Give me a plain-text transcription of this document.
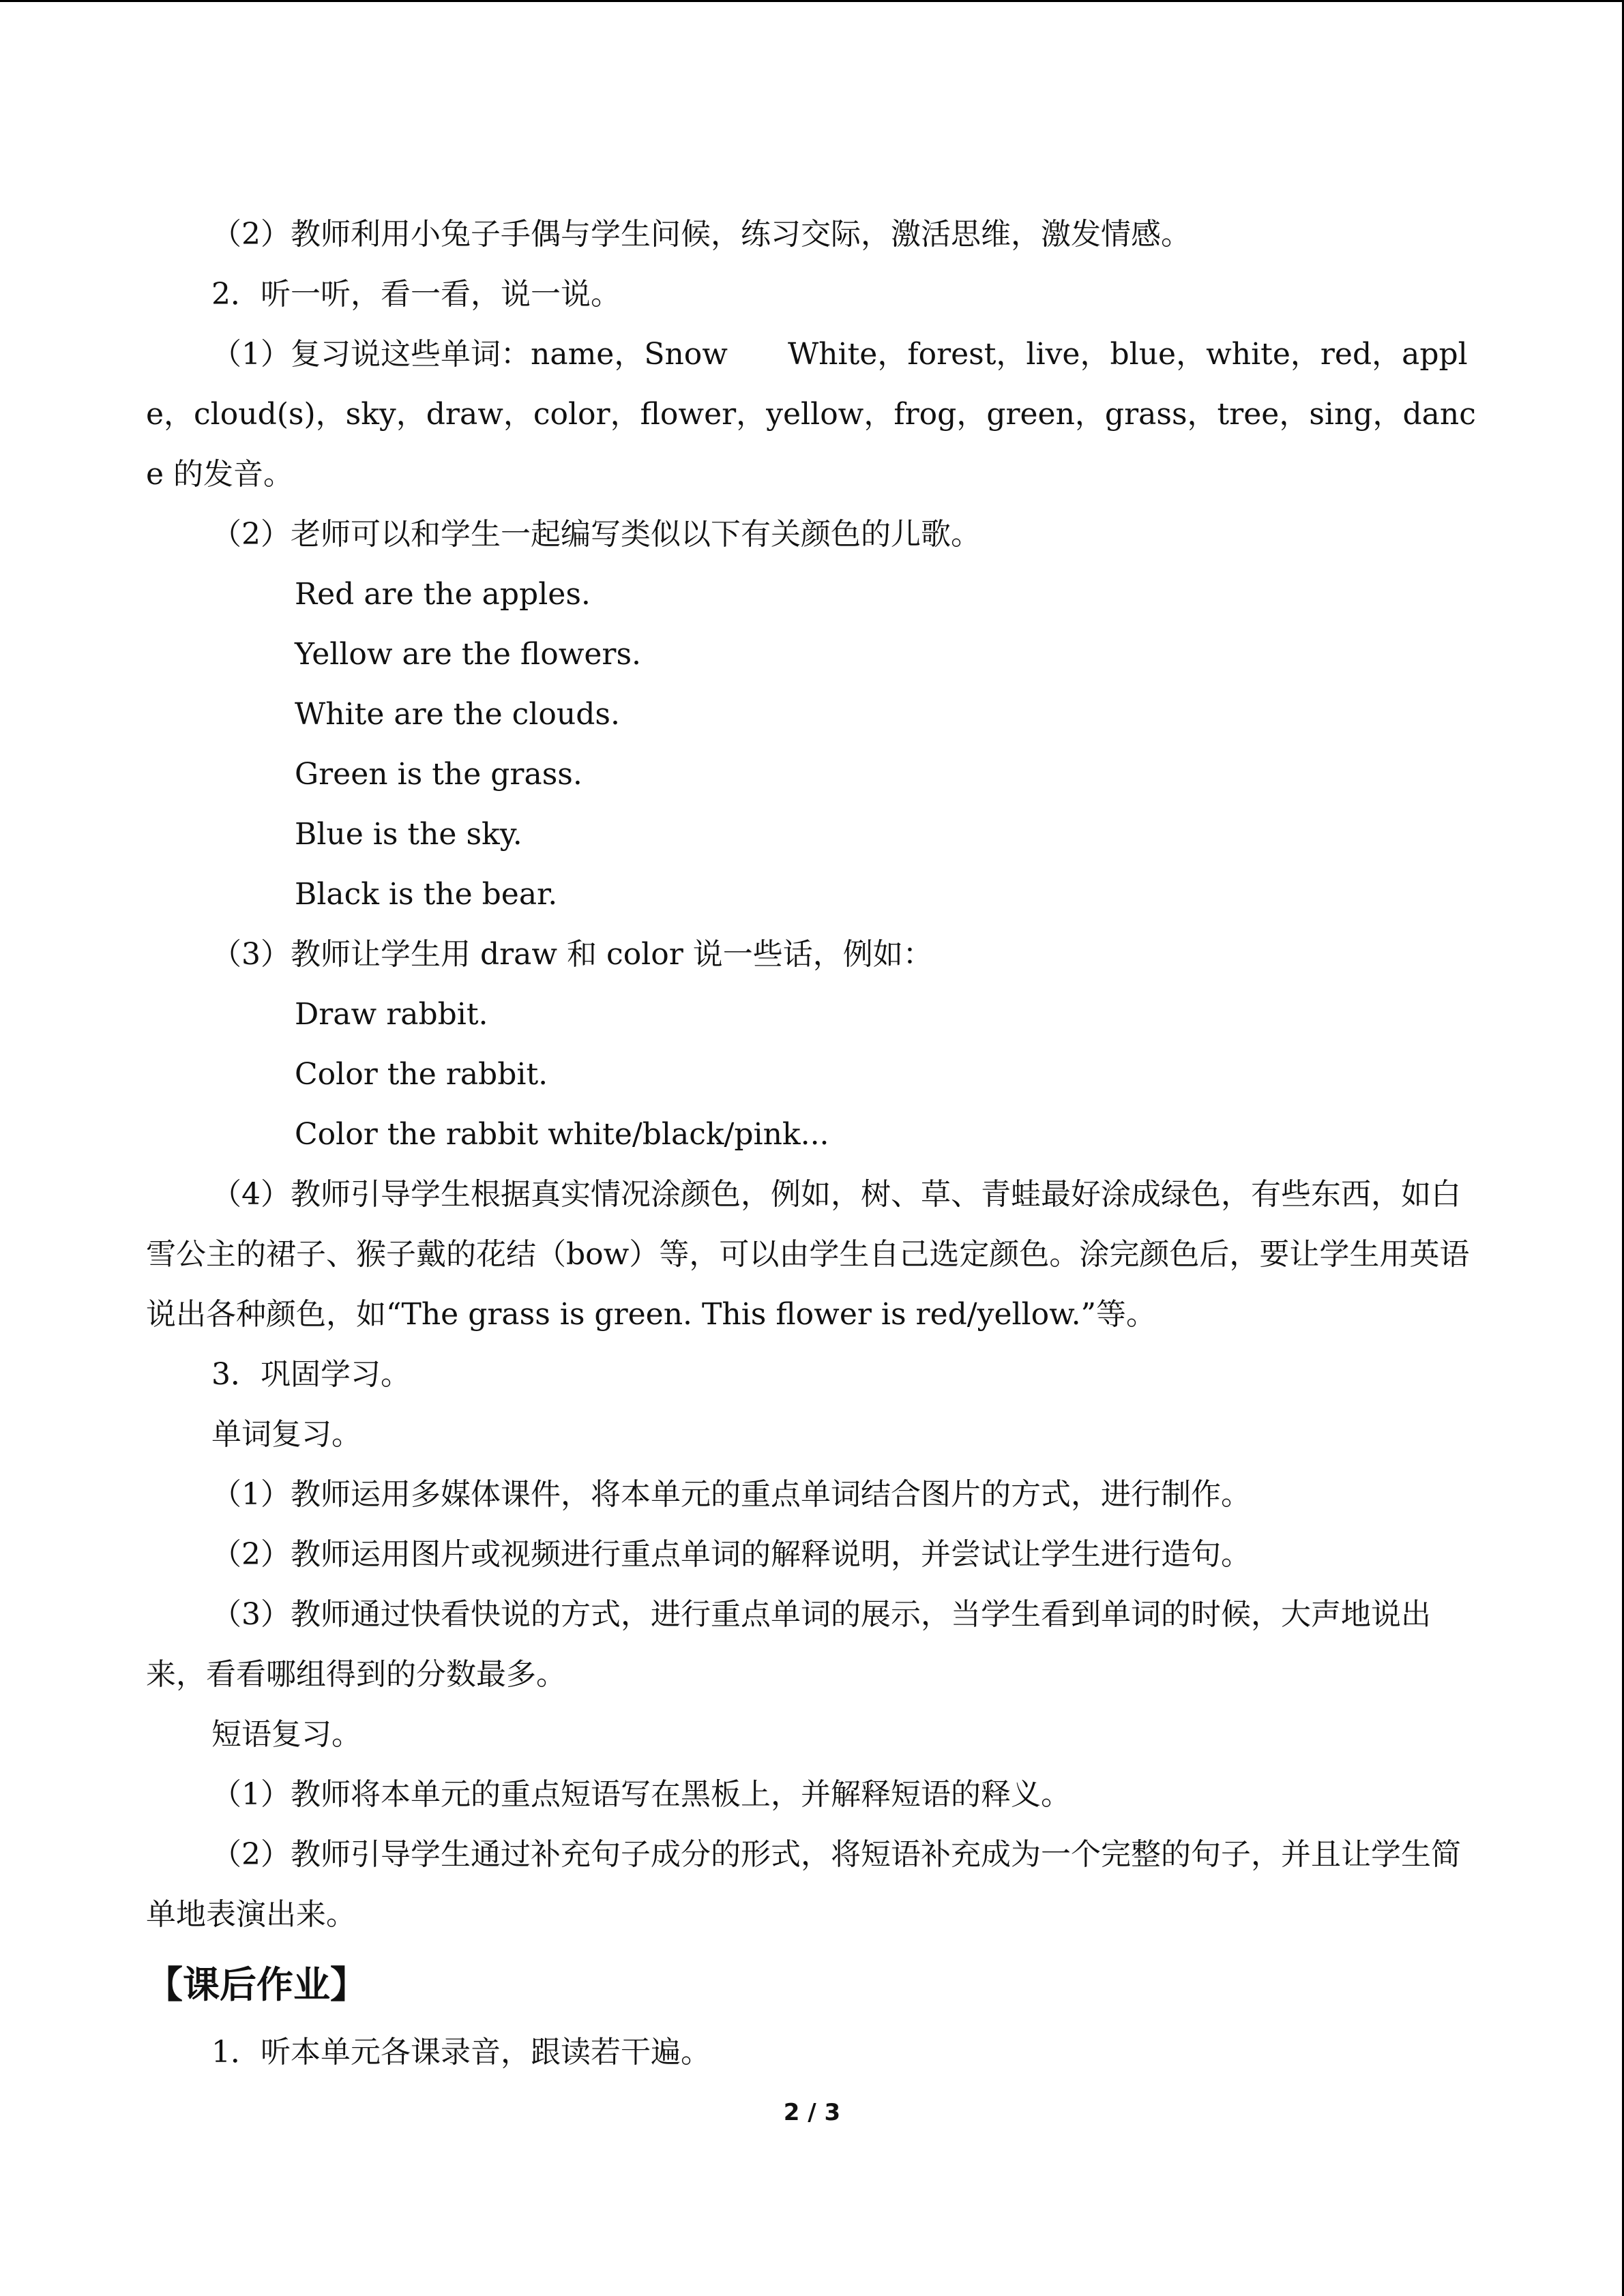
（2）教师利用小兔子手偶与学生问候，练习交际，激活思维，激发情感。

2．听一听，看一看，说一说。

（1）复习说这些单词：name，Snow　　White，forest，live，blue，white，red，apple，cloud(s)，sky，draw，color，flower，yellow，frog，green，grass，tree，sing，dance 的发音。

（2）老师可以和学生一起编写类似以下有关颜色的儿歌。

Red are the apples.

Yellow are the flowers.

White are the clouds.

Green is the grass.

Blue is the sky.

Black is the bear.

（3）教师让学生用 draw 和 color 说一些话，例如：

Draw rabbit.

Color the rabbit.

Color the rabbit white/black/pink...

（4）教师引导学生根据真实情况涂颜色，例如，树、草、青蛙最好涂成绿色，有些东西，如白雪公主的裙子、猴子戴的花结（bow）等，可以由学生自己选定颜色。涂完颜色后，要让学生用英语说出各种颜色，如“The grass is green. This flower is red/yellow.”等。

3．巩固学习。

单词复习。

（1）教师运用多媒体课件，将本单元的重点单词结合图片的方式，进行制作。

（2）教师运用图片或视频进行重点单词的解释说明，并尝试让学生进行造句。

（3）教师通过快看快说的方式，进行重点单词的展示，当学生看到单词的时候，大声地说出来，看看哪组得到的分数最多。

短语复习。

（1）教师将本单元的重点短语写在黑板上，并解释短语的释义。

（2）教师引导学生通过补充句子成分的形式，将短语补充成为一个完整的句子，并且让学生简单地表演出来。

【课后作业】

1．听本单元各课录音，跟读若干遍。

2 / 3
